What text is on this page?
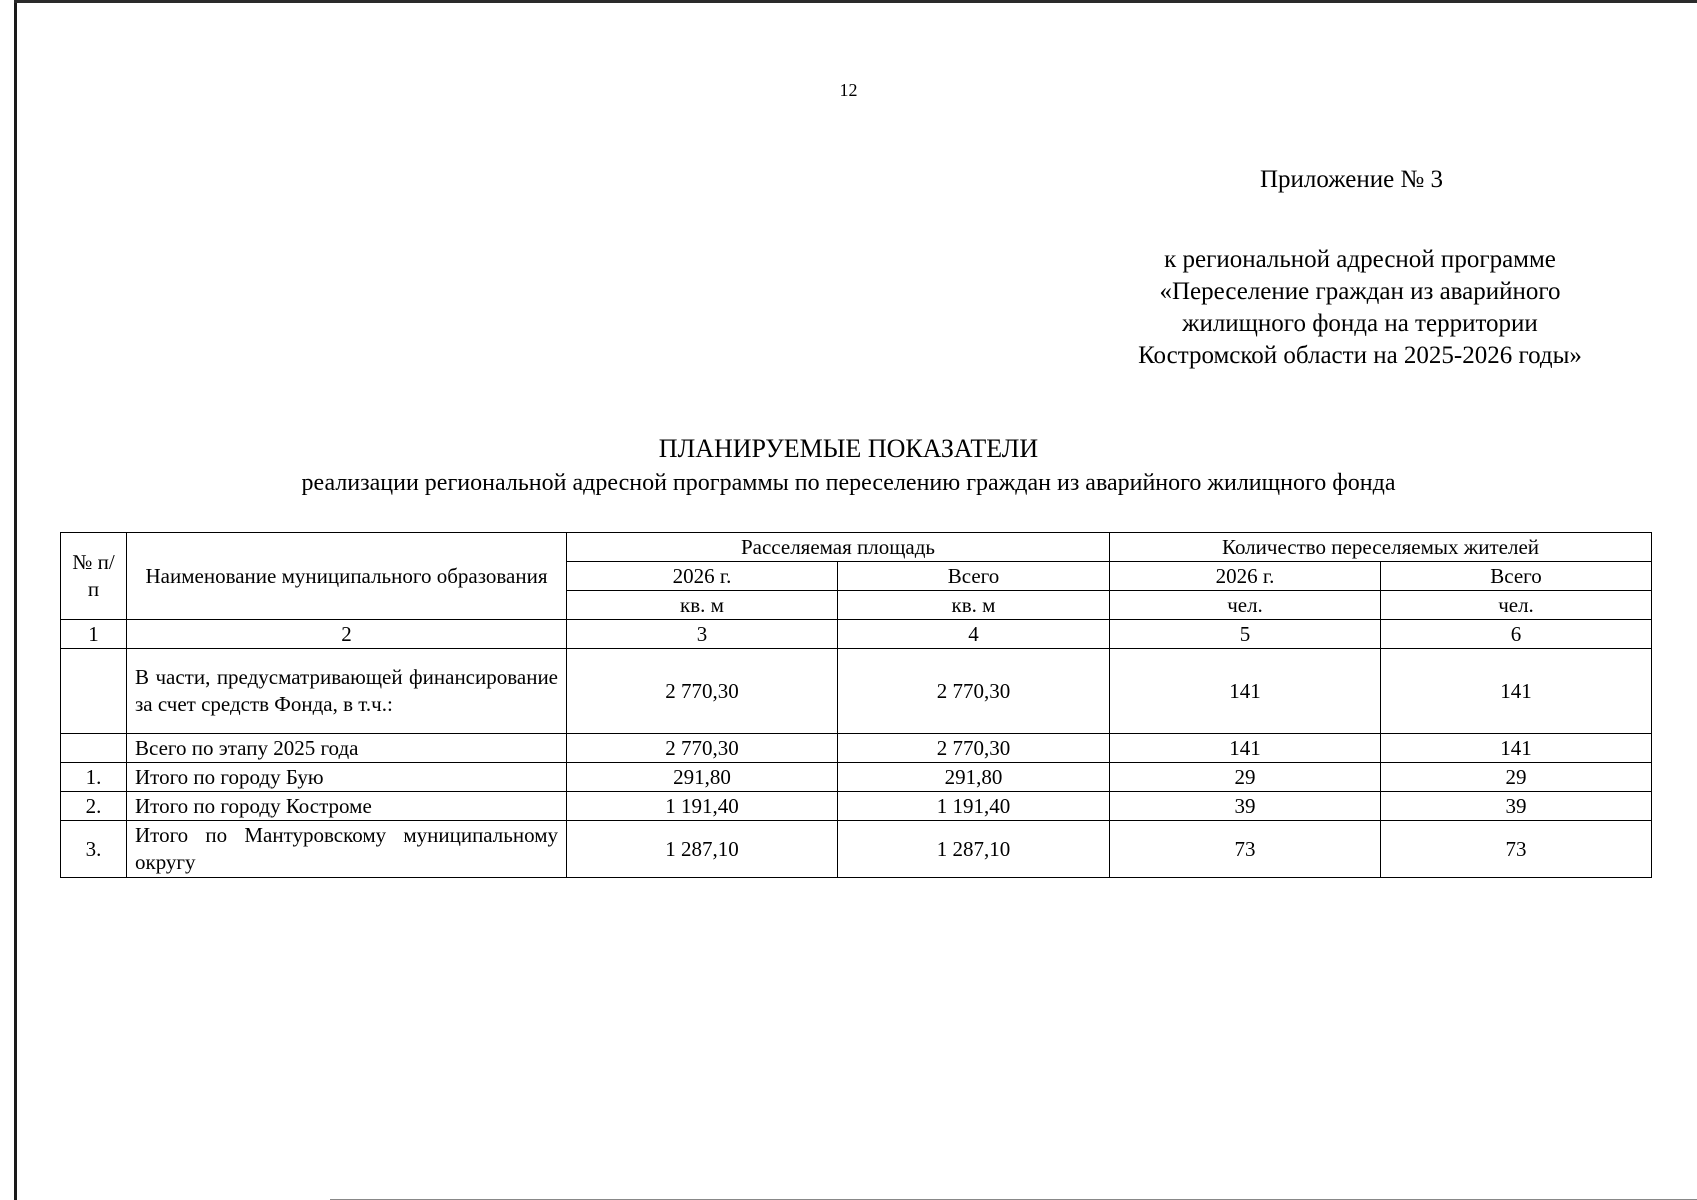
12
Приложение № 3
к региональной адресной программе
«Переселение граждан из аварийного
жилищного фонда на территории
Костромской области на 2025-2026 годы»
ПЛАНИРУЕМЫЕ ПОКАЗАТЕЛИ
реализации региональной адресной программы по переселению граждан из аварийного жилищного фонда
№ п/п	Наименование муниципального образования	Расселяемая площадь		Количество переселяемых жителей	
		2026 г.	Всего	2026 г.	Всего
		кв. м	кв. м	чел.	чел.
1	2	3	4	5	6
	В части, предусматривающей финансирование за счет средств Фонда, в т.ч.:	2 770,30	2 770,30	141	141
	Всего по этапу 2025 года	2 770,30	2 770,30	141	141
1.	Итого по городу Бую	291,80	291,80	29	29
2.	Итого по городу Костроме	1 191,40	1 191,40	39	39
3.	Итого по Мантуровскому муниципальному округу	1 287,10	1 287,10	73	73
